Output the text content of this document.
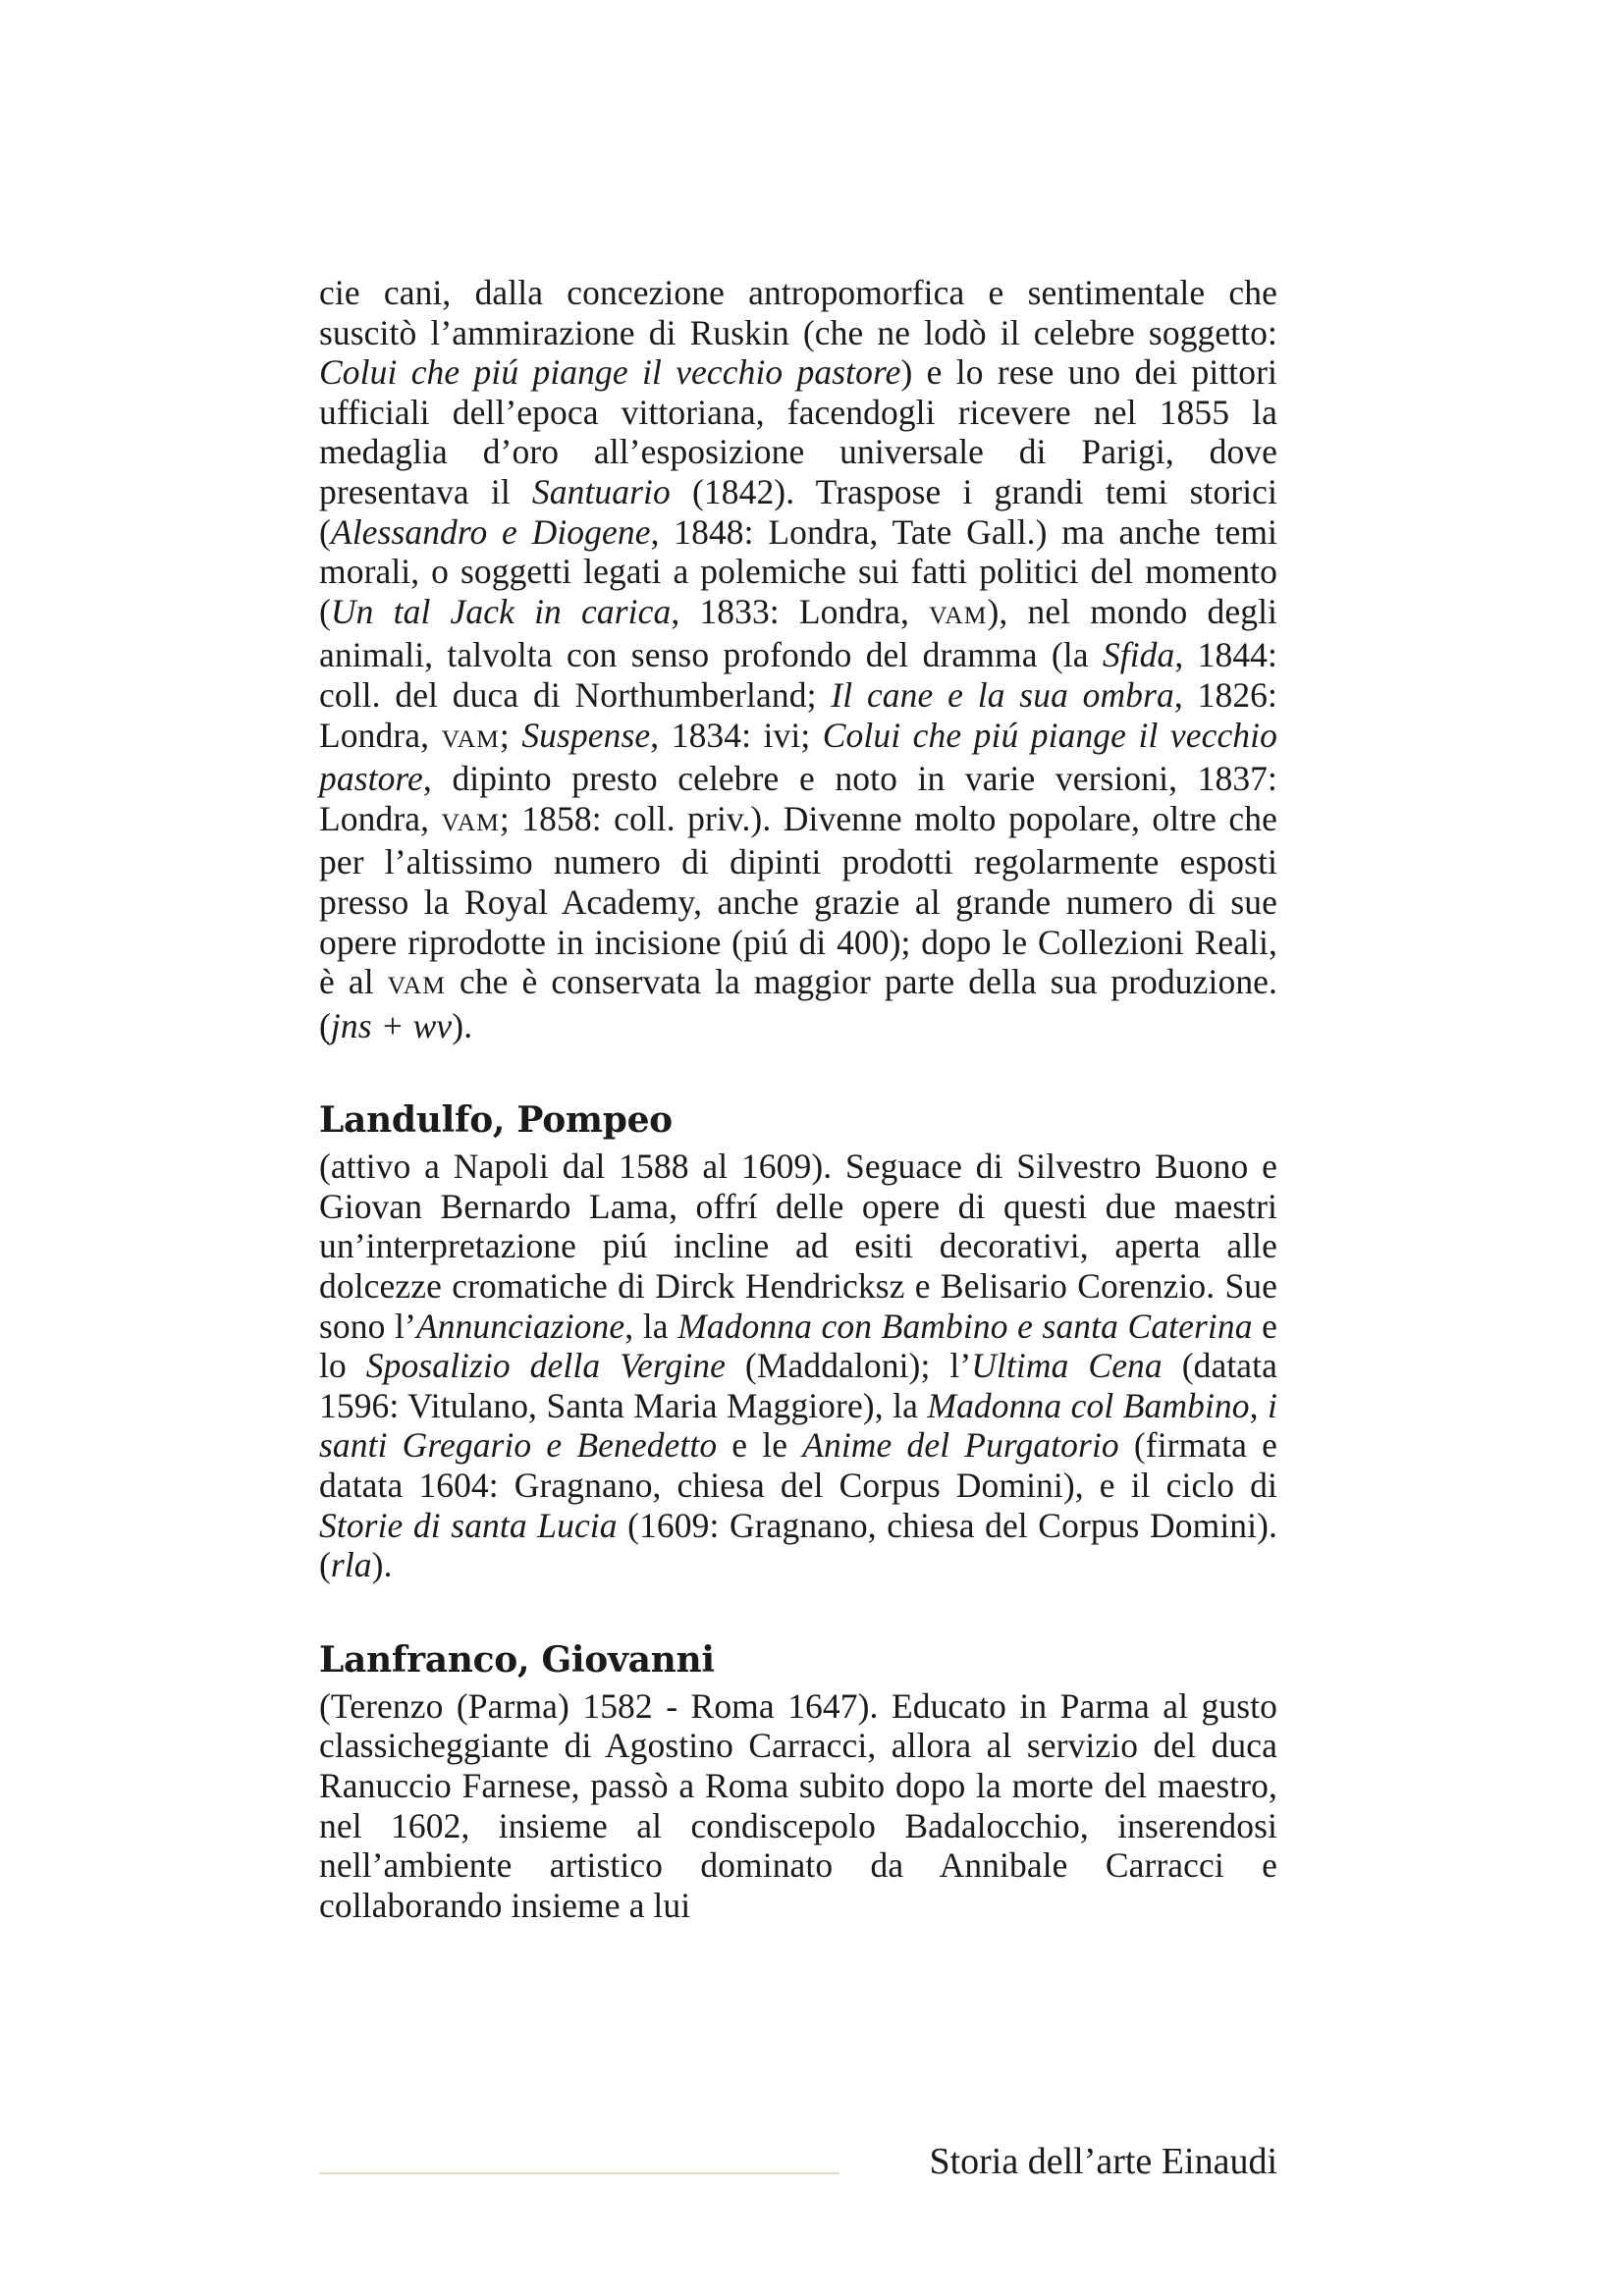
cie cani, dalla concezione antropomorfica e sentimentale che suscitò l’ammirazione di Ruskin (che ne lodò il celebre soggetto: Colui che piú piange il vecchio pastore) e lo rese uno dei pittori ufficiali dell’epoca vittoriana, facendogli ricevere nel 1855 la medaglia d’oro all’esposizione universale di Parigi, dove presentava il Santuario (1842). Traspose i grandi temi storici (Alessandro e Diogene, 1848: Londra, Tate Gall.) ma anche temi morali, o soggetti legati a polemiche sui fatti politici del momento (Un tal Jack in carica, 1833: Londra, VAM), nel mondo degli animali, talvolta con senso profondo del dramma (la Sfida, 1844: coll. del duca di Northumberland; Il cane e la sua ombra, 1826: Londra, VAM; Suspense, 1834: ivi; Colui che piú piange il vecchio pastore, dipinto presto celebre e noto in varie versioni, 1837: Londra, VAM; 1858: coll. priv.). Divenne molto popolare, oltre che per l’altissimo numero di dipinti prodotti regolarmente esposti presso la Royal Academy, anche grazie al grande numero di sue opere riprodotte in incisione (piú di 400); dopo le Collezioni Reali, è al VAM che è conservata la maggior parte della sua produzione. (jns + wv).

Landulfo, Pompeo

(attivo a Napoli dal 1588 al 1609). Seguace di Silvestro Buono e Giovan Bernardo Lama, offrí delle opere di questi due maestri un’interpretazione piú incline ad esiti decorativi, aperta alle dolcezze cromatiche di Dirck Hendricksz e Belisario Corenzio. Sue sono l’Annunciazione, la Madonna con Bambino e santa Caterina e lo Sposalizio della Vergine (Maddaloni); l’Ultima Cena (datata 1596: Vitulano, Santa Maria Maggiore), la Madonna col Bambino, i santi Gregario e Benedetto e le Anime del Purgatorio (firmata e datata 1604: Gragnano, chiesa del Corpus Domini), e il ciclo di Storie di santa Lucia (1609: Gragnano, chiesa del Corpus Domini). (rla).

Lanfranco, Giovanni

(Terenzo (Parma) 1582 - Roma 1647). Educato in Parma al gusto classicheggiante di Agostino Carracci, allora al servizio del duca Ranuccio Farnese, passò a Roma subito dopo la morte del maestro, nel 1602, insieme al condiscepolo Badalocchio, inserendosi nell’ambiente artistico dominato da Annibale Carracci e collaborando insieme a lui

Storia dell’arte Einaudi
